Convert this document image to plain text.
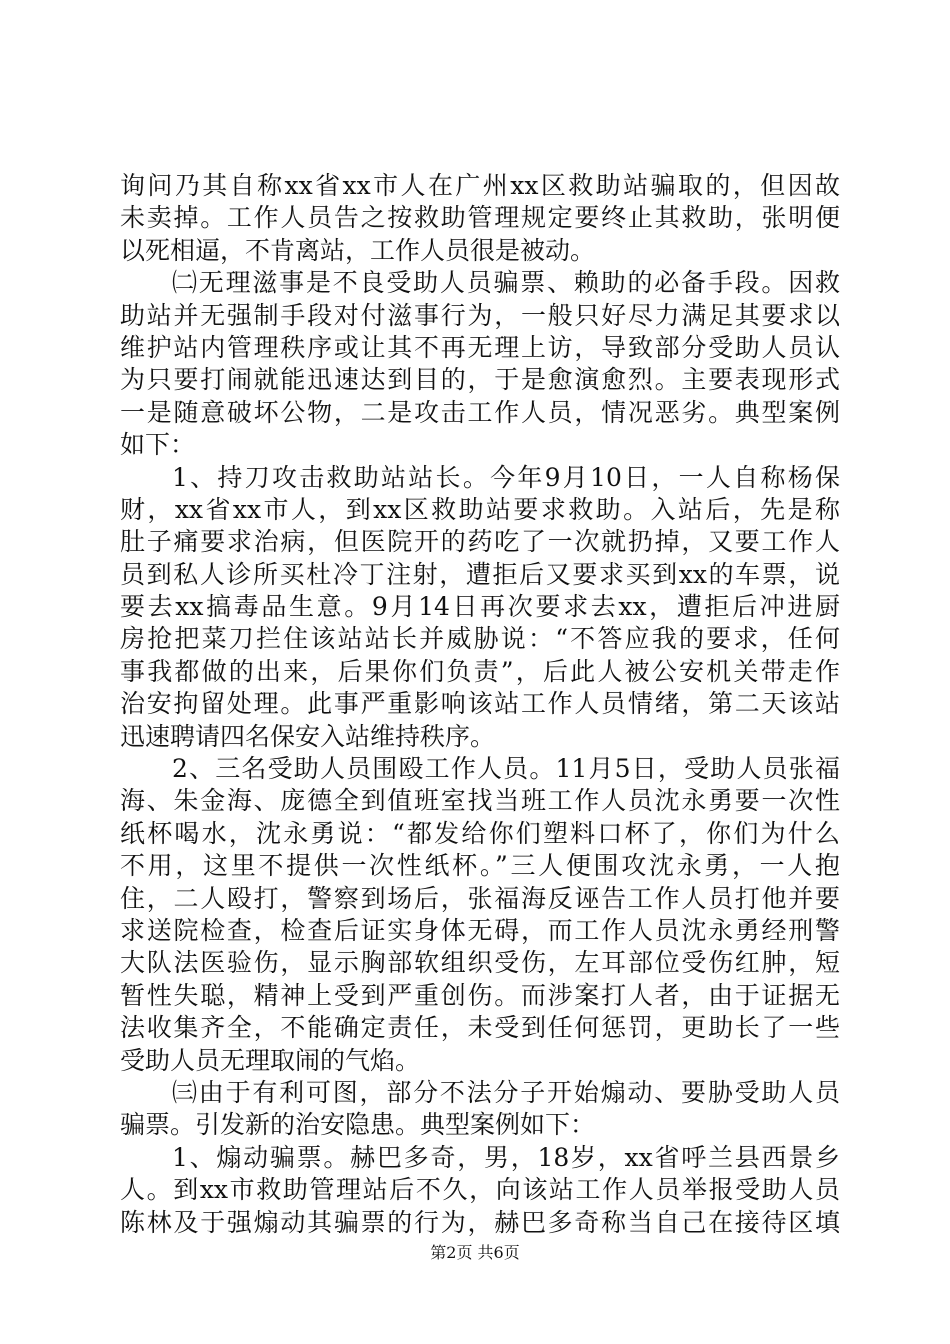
询问乃其自称xx省xx市人在广州xx区救助站骗取的，但因故
未卖掉。工作人员告之按救助管理规定要终止其救助，张明便
以死相逼，不肯离站，工作人员很是被动。
㈡无理滋事是不良受助人员骗票、赖助的必备手段。因救
助站并无强制手段对付滋事行为，一般只好尽力满足其要求以
维护站内管理秩序或让其不再无理上访，导致部分受助人员认
为只要打闹就能迅速达到目的，于是愈演愈烈。主要表现形式
一是随意破坏公物，二是攻击工作人员，情况恶劣。典型案例
如下：
1、持刀攻击救助站站长。今年9月10日，一人自称杨保
财，xx省xx市人，到xx区救助站要求救助。入站后，先是称
肚子痛要求治病，但医院开的药吃了一次就扔掉，又要工作人
员到私人诊所买杜冷丁注射，遭拒后又要求买到xx的车票，说
要去xx搞毒品生意。9月14日再次要求去xx，遭拒后冲进厨
房抢把菜刀拦住该站站长并威胁说：“不答应我的要求，任何
事我都做的出来，后果你们负责”，后此人被公安机关带走作
治安拘留处理。此事严重影响该站工作人员情绪，第二天该站
迅速聘请四名保安入站维持秩序。
2、三名受助人员围殴工作人员。11月5日，受助人员张福
海、朱金海、庞德全到值班室找当班工作人员沈永勇要一次性
纸杯喝水，沈永勇说：“都发给你们塑料口杯了，你们为什么
不用，这里不提供一次性纸杯。”三人便围攻沈永勇，一人抱
住，二人殴打，警察到场后，张福海反诬告工作人员打他并要
求送院检查，检查后证实身体无碍，而工作人员沈永勇经刑警
大队法医验伤，显示胸部软组织受伤，左耳部位受伤红肿，短
暂性失聪，精神上受到严重创伤。而涉案打人者，由于证据无
法收集齐全，不能确定责任，未受到任何惩罚，更助长了一些
受助人员无理取闹的气焰。
㈢由于有利可图，部分不法分子开始煽动、要胁受助人员
骗票。引发新的治安隐患。典型案例如下：
1、煽动骗票。赫巴多奇，男，18岁，xx省呼兰县西景乡
人。到xx市救助管理站后不久，向该站工作人员举报受助人员
陈林及于强煽动其骗票的行为，赫巴多奇称当自己在接待区填
第2页 共6页
